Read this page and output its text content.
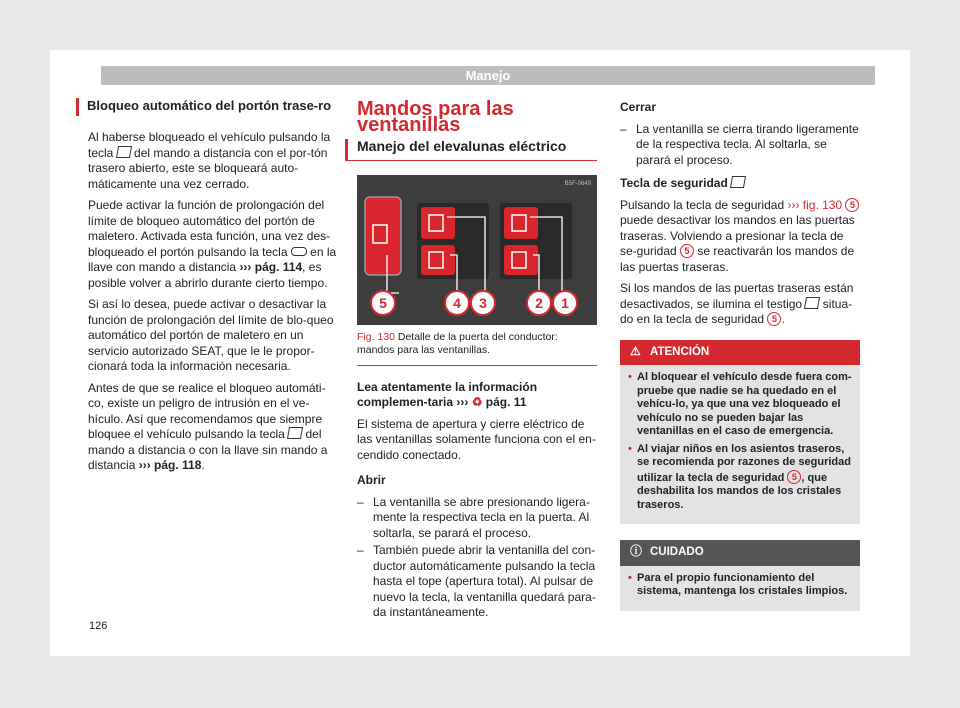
Manejo
Bloqueo automático del portón trase-ro

Al haberse bloqueado el vehículo pulsando la tecla  del mando a distancia con el por-tón trasero abierto, este se bloqueará auto-máticamente una vez cerrado.

Puede activar la función de prolongación del límite de bloqueo automático del portón de maletero. Activada esta función, una vez des-bloqueado el portón pulsando la tecla  en la llave con mando a distancia ››› pág. 114, es posible volver a abrirlo durante cierto tiempo.

Si así lo desea, puede activar o desactivar la función de prolongación del límite de blo-queo automático del portón de maletero en un servicio autorizado SEAT, que le le propor-cionará toda la información necesaria.

Antes de que se realice el bloqueo automáti-co, existe un peligro de intrusión en el ve-hículo. Así que recomendamos que siempre bloquee el vehículo pulsando la tecla  del mando a distancia o con la llave sin mando a distancia ››› pág. 118.

Mandos para las ventanillas
Manejo del elevalunas eléctrico
5	4 3	2 1
B5F-0649
Fig. 130 Detalle de la puerta del conductor: mandos para las ventanillas.

Lea atentamente la información complemen-taria ››› ♻ pág. 11

El sistema de apertura y cierre eléctrico de las ventanillas solamente funciona con el en-cendido conectado.

Abrir

– La ventanilla se abre presionando ligera-mente la respectiva tecla en la puerta. Al soltarla, se parará el proceso.
– También puede abrir la ventanilla del con-ductor automáticamente pulsando la tecla hasta el tope (apertura total). Al pulsar de nuevo la tecla, la ventanilla quedará para-da instantáneamente.

Cerrar

– La ventanilla se cierra tirando ligeramente de la respectiva tecla. Al soltarla, se parará el proceso.

Tecla de seguridad

Pulsando la tecla de seguridad ››› fig. 130 5 puede desactivar los mandos en las puertas traseras. Volviendo a presionar la tecla de se-guridad 5 se reactivarán los mandos de las puertas traseras.

Si los mandos de las puertas traseras están desactivados, se ilumina el testigo  situa-do en la tecla de seguridad 5 .

⚠ ATENCIÓN
• Al bloquear el vehículo desde fuera com-pruebe que nadie se ha quedado en el vehícu-lo, ya que una vez bloqueado el vehículo no se pueden bajar las ventanillas en el caso de emergencia.
• Al viajar niños en los asientos traseros, se recomienda por razones de seguridad utilizar la tecla de seguridad 5 , que deshabilita los mandos de los cristales traseros.
ⓘ CUIDADO
• Para el propio funcionamiento del sistema, mantenga los cristales limpios.
126
